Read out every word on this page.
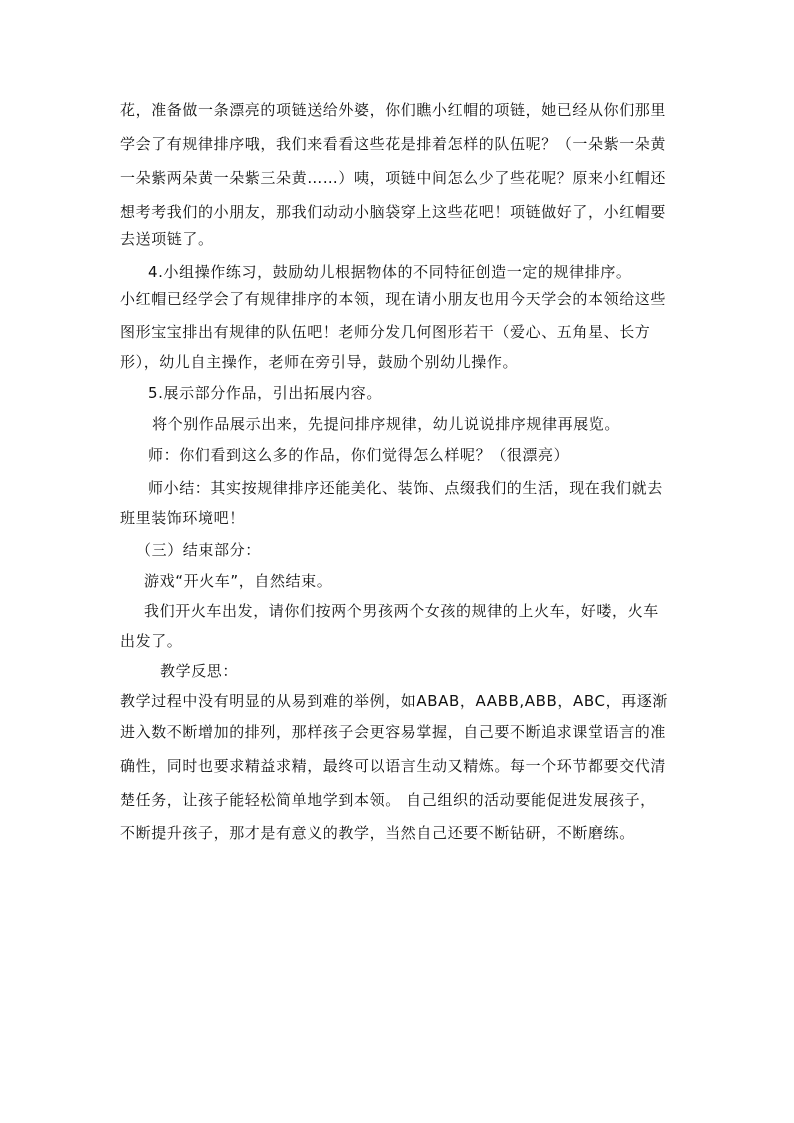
花，准备做一条漂亮的项链送给外婆，你们瞧小红帽的项链，她已经从你们那里
学会了有规律排序哦，我们来看看这些花是排着怎样的队伍呢？（一朵紫一朵黄
一朵紫两朵黄一朵紫三朵黄……）咦，项链中间怎么少了些花呢？原来小红帽还
想考考我们的小朋友，那我们动动小脑袋穿上这些花吧！项链做好了，小红帽要
去送项链了。
4.小组操作练习，鼓励幼儿根据物体的不同特征创造一定的规律排序。
小红帽已经学会了有规律排序的本领，现在请小朋友也用今天学会的本领给这些
图形宝宝排出有规律的队伍吧！老师分发几何图形若干（爱心、五角星、长方
形），幼儿自主操作，老师在旁引导，鼓励个别幼儿操作。
5.展示部分作品，引出拓展内容。
将个别作品展示出来，先提问排序规律，幼儿说说排序规律再展览。
师：你们看到这么多的作品，你们觉得怎么样呢？（很漂亮）
师小结：其实按规律排序还能美化、装饰、点缀我们的生活，现在我们就去
班里装饰环境吧！
（三）结束部分：
游戏“开火车”，自然结束。
我们开火车出发，请你们按两个男孩两个女孩的规律的上火车，好喽，火车
出发了。
教学反思：
教学过程中没有明显的从易到难的举例，如ABAB，AABB,ABB，ABC，再逐渐
进入数不断增加的排列，那样孩子会更容易掌握，自己要不断追求课堂语言的准
确性，同时也要求精益求精，最终可以语言生动又精炼。每一个环节都要交代清
楚任务，让孩子能轻松简单地学到本领。 自己组织的活动要能促进发展孩子，
不断提升孩子，那才是有意义的教学，当然自己还要不断钻研，不断磨练。
